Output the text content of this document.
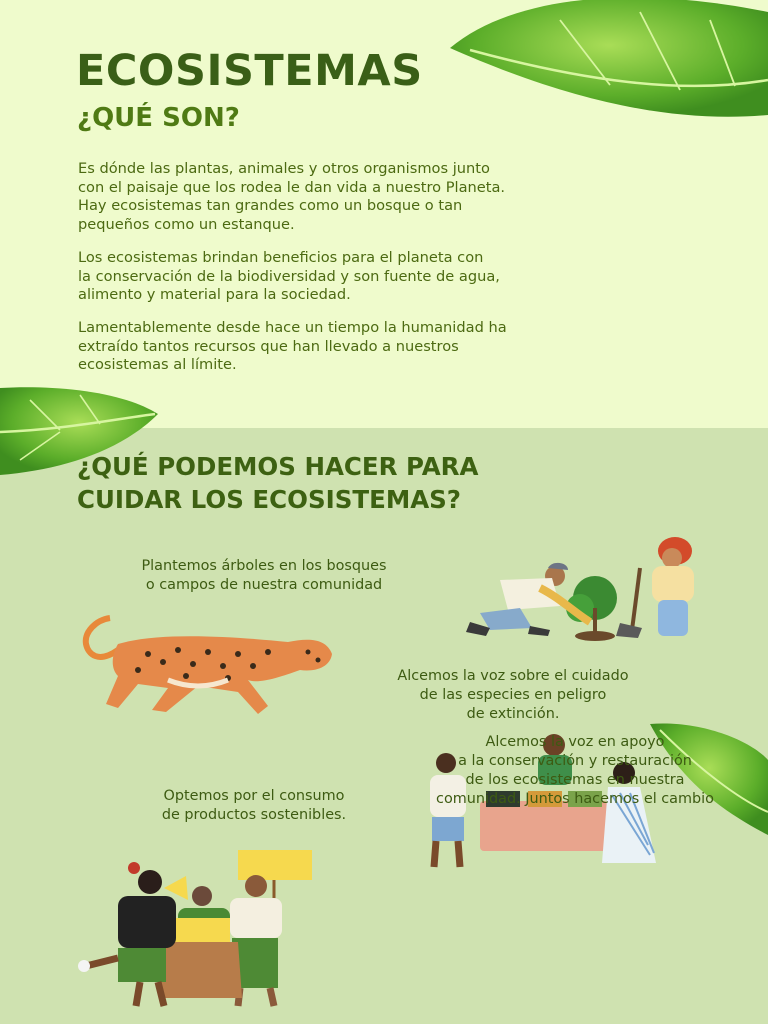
ECOSISTEMAS
¿QUÉ SON?
Es dónde las plantas, animales y otros organismos junto
con el paisaje que los rodea le dan vida a nuestro Planeta.
Hay ecosistemas tan grandes como un bosque o tan
pequeños como un estanque.
Los ecosistemas brindan beneficios para el planeta con
la conservación de la biodiversidad y son fuente de agua,
alimento y material para la sociedad.
Lamentablemente desde hace un tiempo la humanidad ha
extraído tantos recursos que han llevado a nuestros
ecosistemas al límite.
¿QUÉ PODEMOS HACER PARA
CUIDAR LOS ECOSISTEMAS?
Plantemos árboles en los bosques
o campos de nuestra comunidad
Alcemos la voz sobre el cuidado
de las especies en peligro
de extinción.
Alcemos la voz en apoyo
a la conservación y restauración
de los ecosistemas en nuestra
comunidad. Juntos hacemos el cambio
Optemos por el consumo
de productos sostenibles.
